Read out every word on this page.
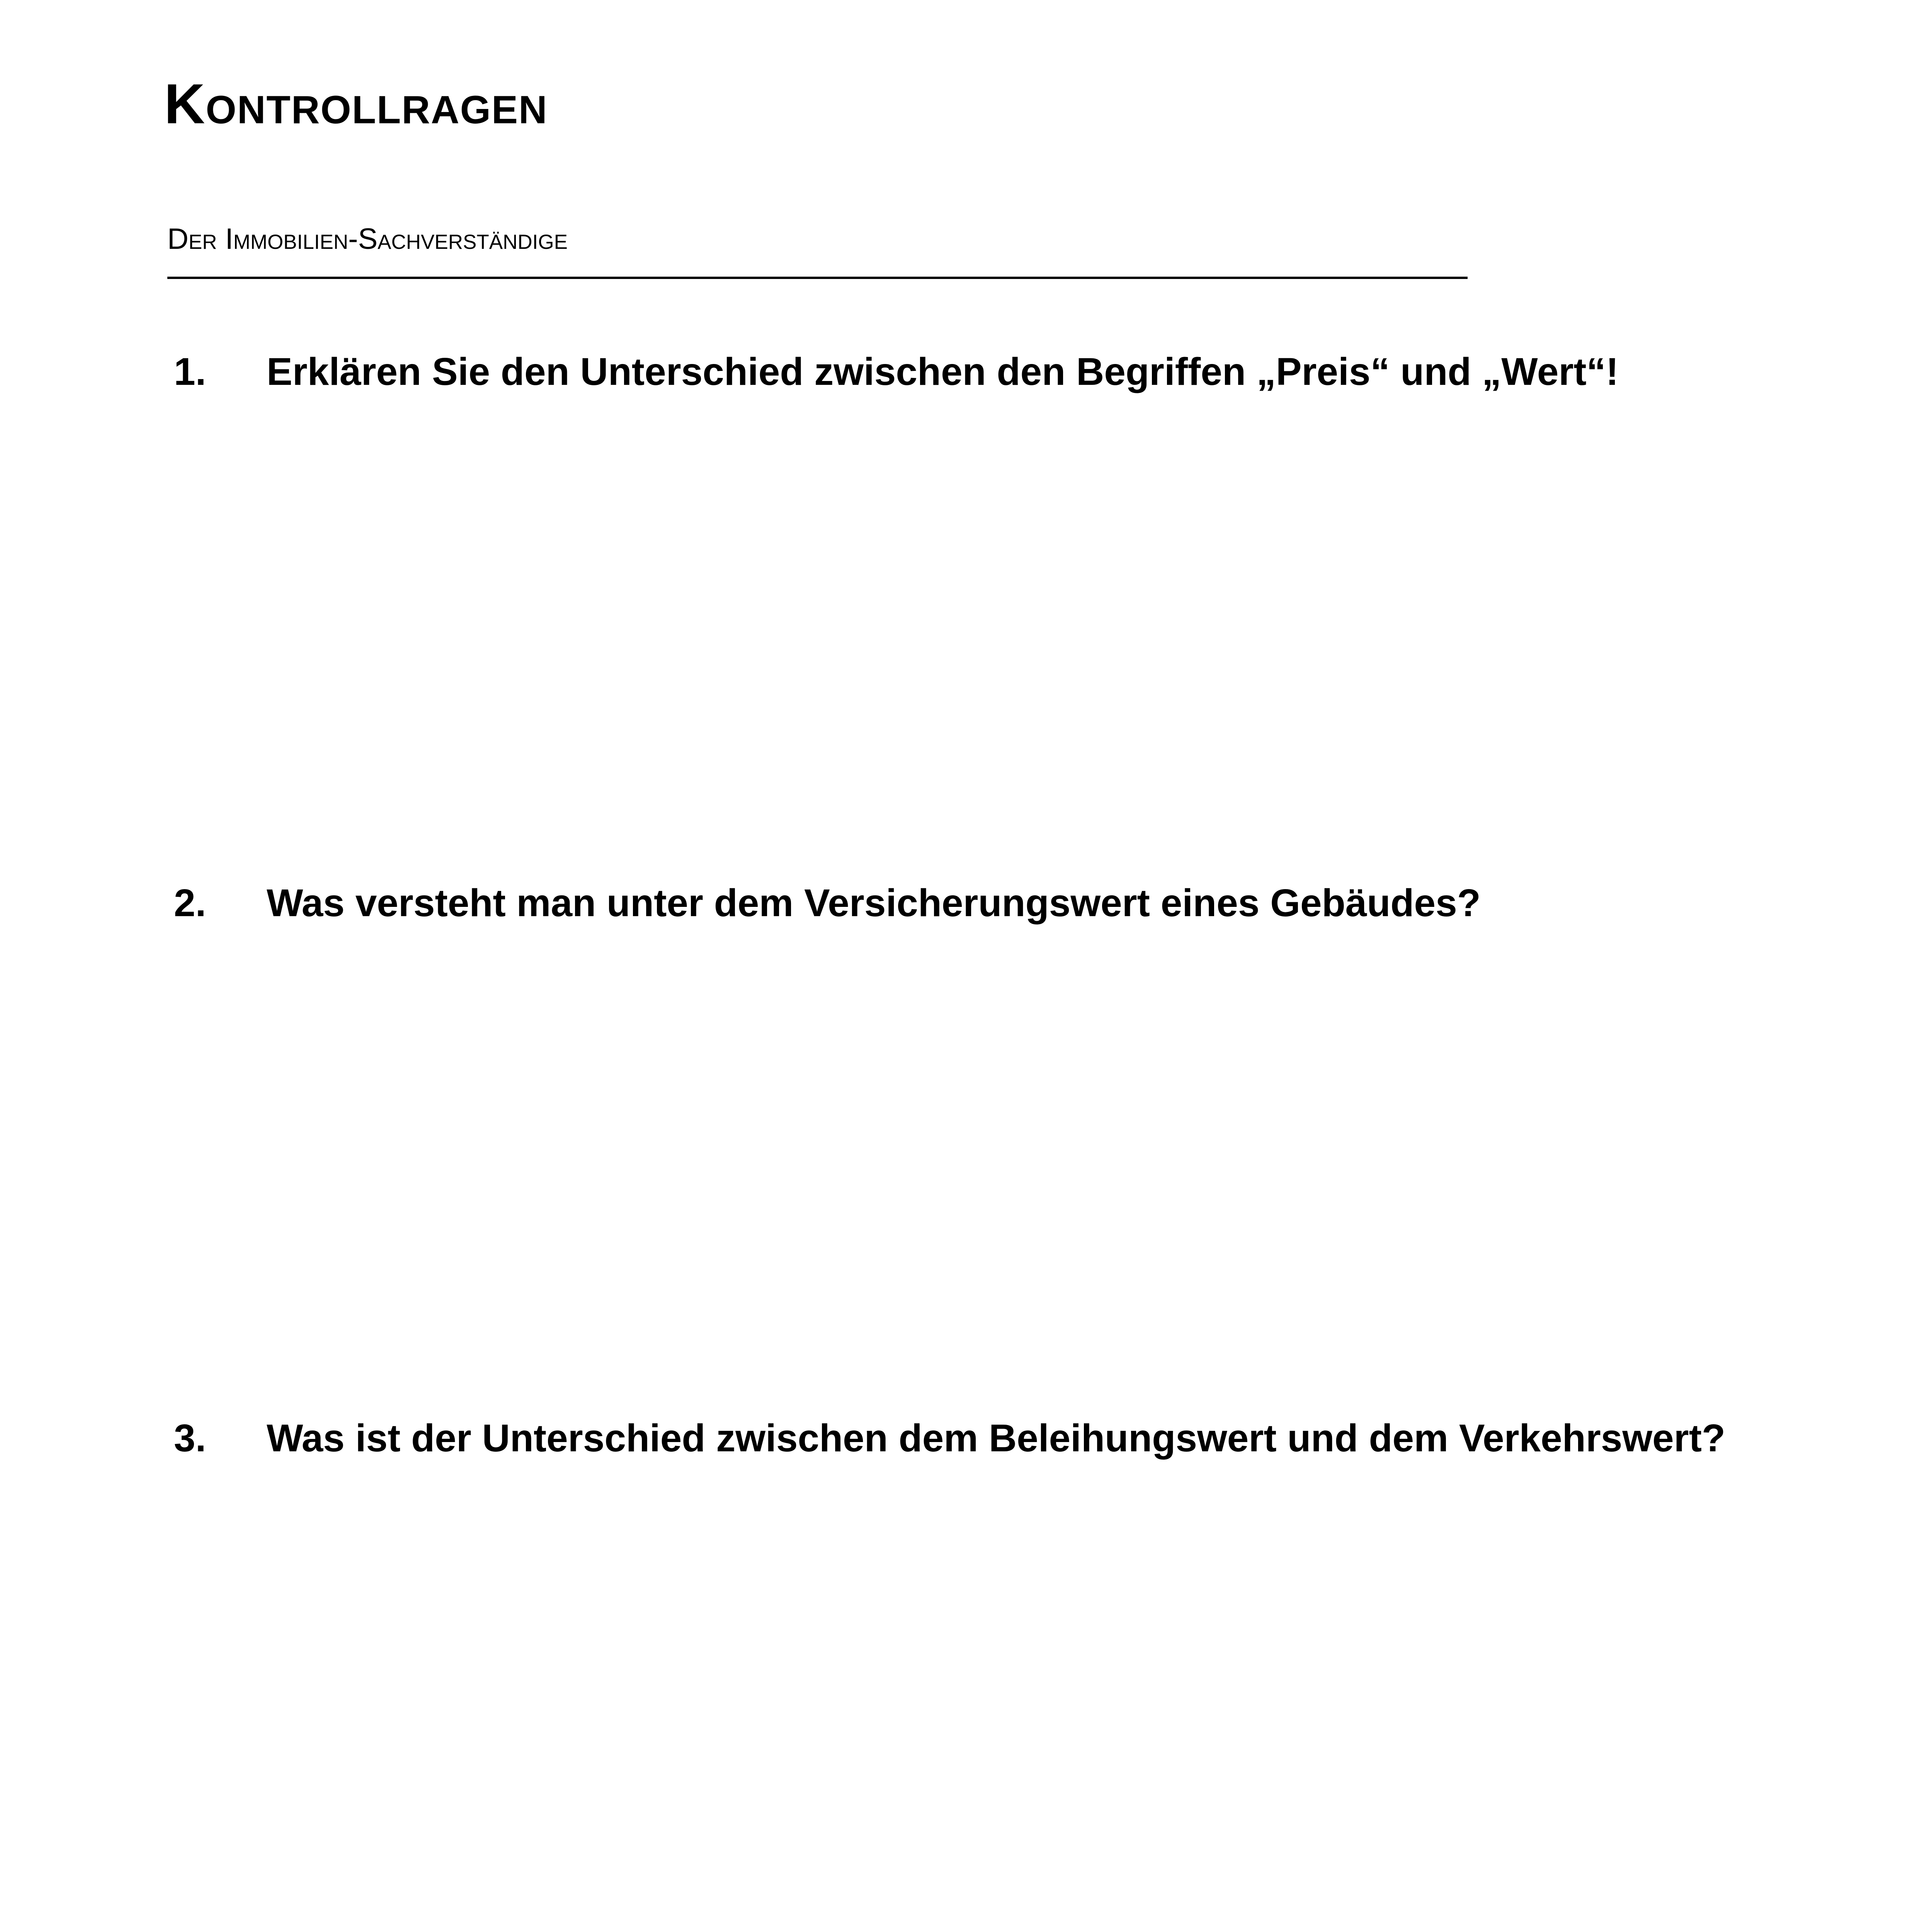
Kontrollragen
Der Immobilien-Sachverständige
1. Erklären Sie den Unterschied zwischen den Begriffen „Preis“ und „Wert“!
2. Was versteht man unter dem Versicherungswert eines Gebäudes?
3. Was ist der Unterschied zwischen dem Beleihungswert und dem Verkehrswert?
